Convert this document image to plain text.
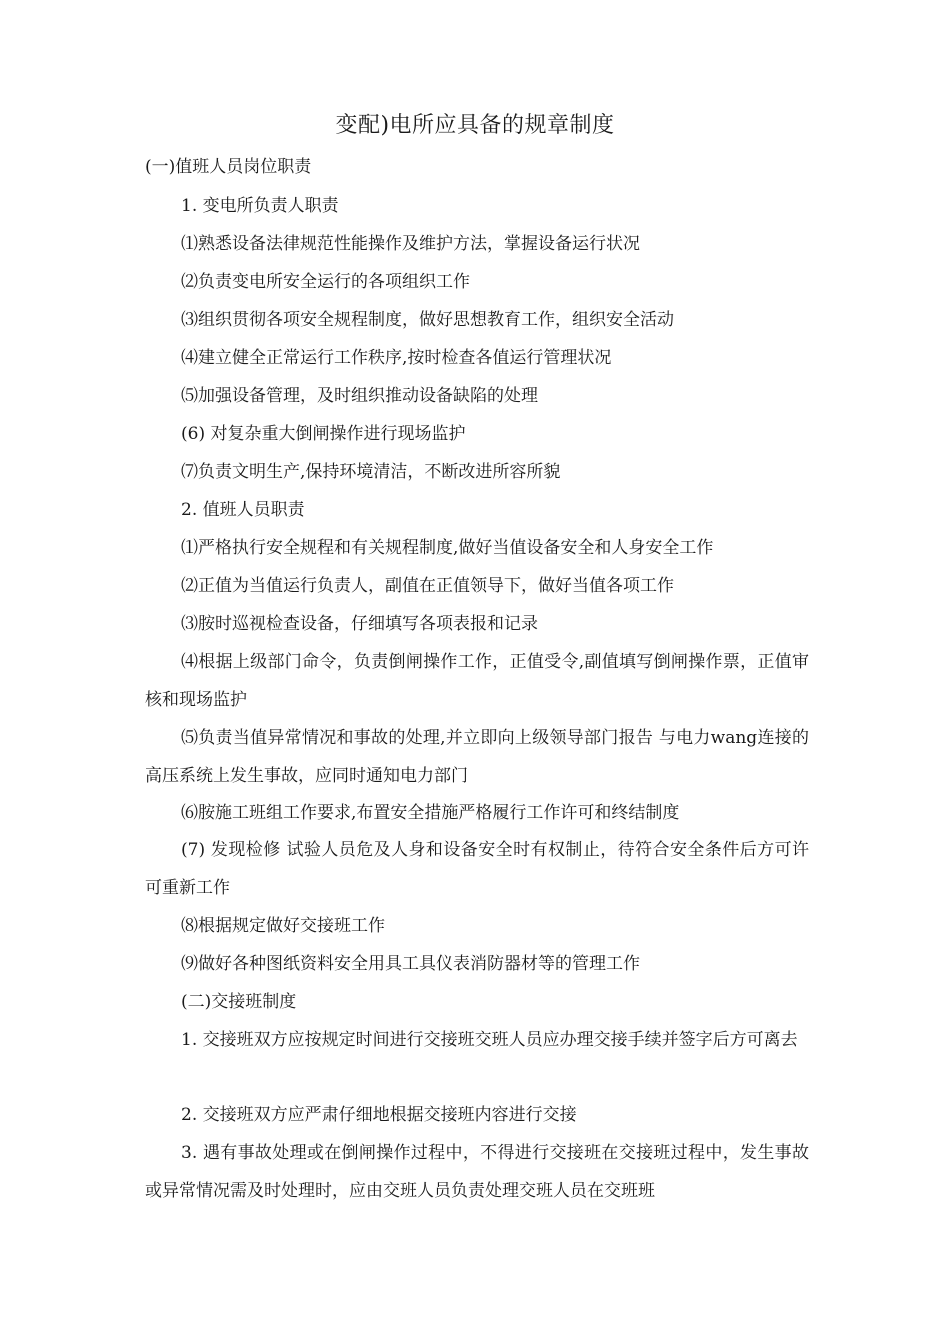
变配)电所应具备的规章制度
(一)值班人员岗位职责
1. 变电所负责人职责
⑴熟悉设备法律规范性能操作及维护方法，掌握设备运行状况
⑵负责变电所安全运行的各项组织工作
⑶组织贯彻各项安全规程制度，做好思想教育工作，组织安全活动
⑷建立健全正常运行工作秩序,按时检查各值运行管理状况
⑸加强设备管理，及时组织推动设备缺陷的处理
(6) 对复杂重大倒闸操作进行现场监护
⑺负责文明生产,保持环境清洁，不断改进所容所貌
2. 值班人员职责
⑴严格执行安全规程和有关规程制度,做好当值设备安全和人身安全工作
⑵正值为当值运行负责人，副值在正值领导下，做好当值各项工作
⑶胺时巡视检查设备，仔细填写各项表报和记录
⑷根据上级部门命令，负责倒闸操作工作，正值受令,副值填写倒闸操作票，正值审核和现场监护
⑸负责当值异常情况和事故的处理,并立即向上级领导部门报告 与电力wang连接的高压系统上发生事故，应同时通知电力部门
⑹胺施工班组工作要求,布置安全措施严格履行工作许可和终结制度
(7) 发现检修 试验人员危及人身和设备安全时有权制止，待符合安全条件后方可许可重新工作
⑻根据规定做好交接班工作
⑼做好各种图纸资料安全用具工具仪表消防器材等的管理工作
(二)交接班制度
1. 交接班双方应按规定时间进行交接班交班人员应办理交接手续并签字后方可离去
2. 交接班双方应严肃仔细地根据交接班内容进行交接
3. 遇有事故处理或在倒闸操作过程中，不得进行交接班在交接班过程中，发生事故或异常情况需及时处理时，应由交班人员负责处理交班人员在交班班
